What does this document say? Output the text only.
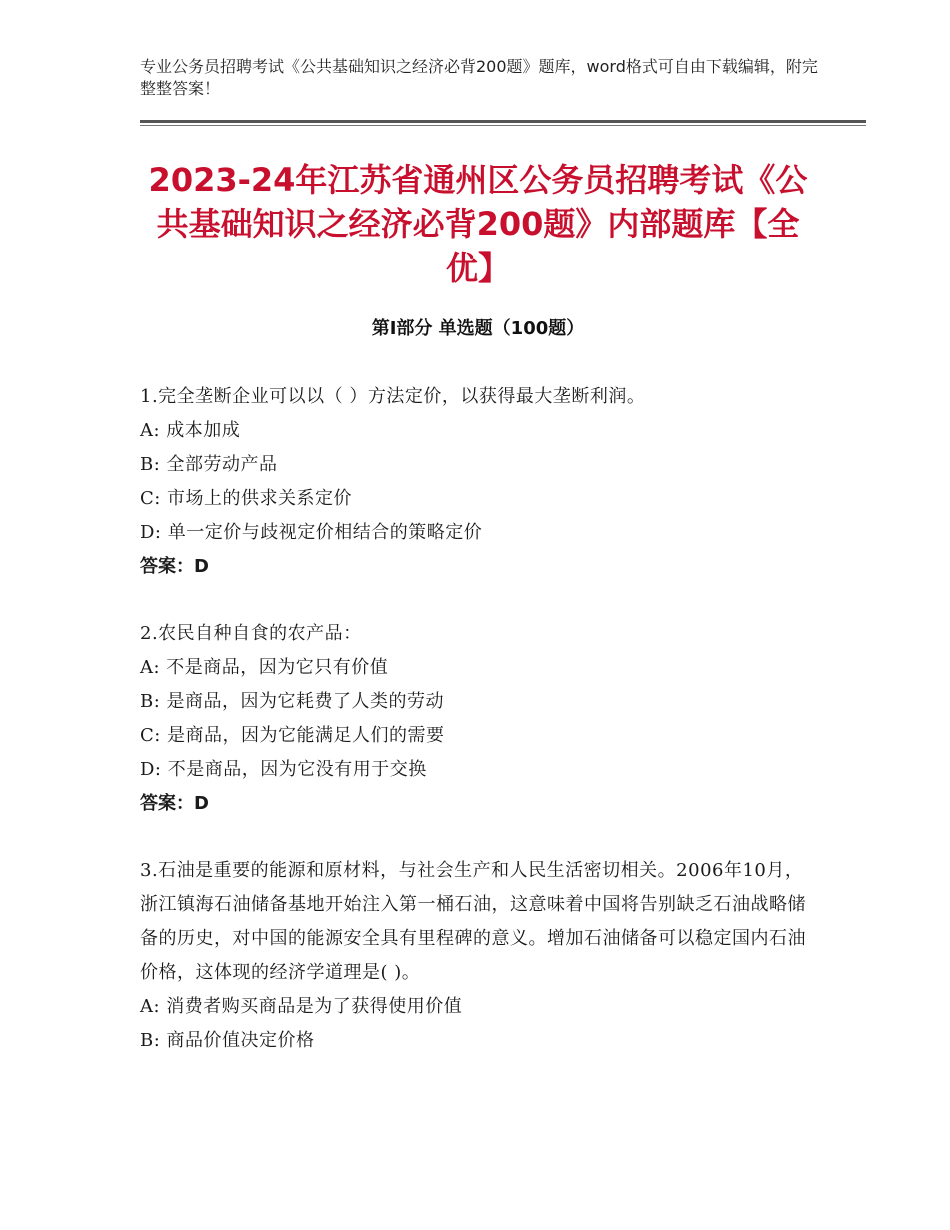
专业公务员招聘考试《公共基础知识之经济必背200题》题库，word格式可自由下载编辑，附完整整答案！

2023-24年江苏省通州区公务员招聘考试《公共基础知识之经济必背200题》内部题库【全优】
第Ⅰ部分 单选题（100题）

1.完全垄断企业可以以（ ）方法定价，以获得最大垄断利润。

A: 成本加成

B: 全部劳动产品

C: 市场上的供求关系定价

D: 单一定价与歧视定价相结合的策略定价

答案：D

2.农民自种自食的农产品：

A: 不是商品，因为它只有价值

B: 是商品，因为它耗费了人类的劳动

C: 是商品，因为它能满足人们的需要

D: 不是商品，因为它没有用于交换

答案：D

3.石油是重要的能源和原材料，与社会生产和人民生活密切相关。2006年10月，浙江镇海石油储备基地开始注入第一桶石油，这意味着中国将告别缺乏石油战略储备的历史，对中国的能源安全具有里程碑的意义。增加石油储备可以稳定国内石油价格，这体现的经济学道理是( )。

A: 消费者购买商品是为了获得使用价值

B: 商品价值决定价格
